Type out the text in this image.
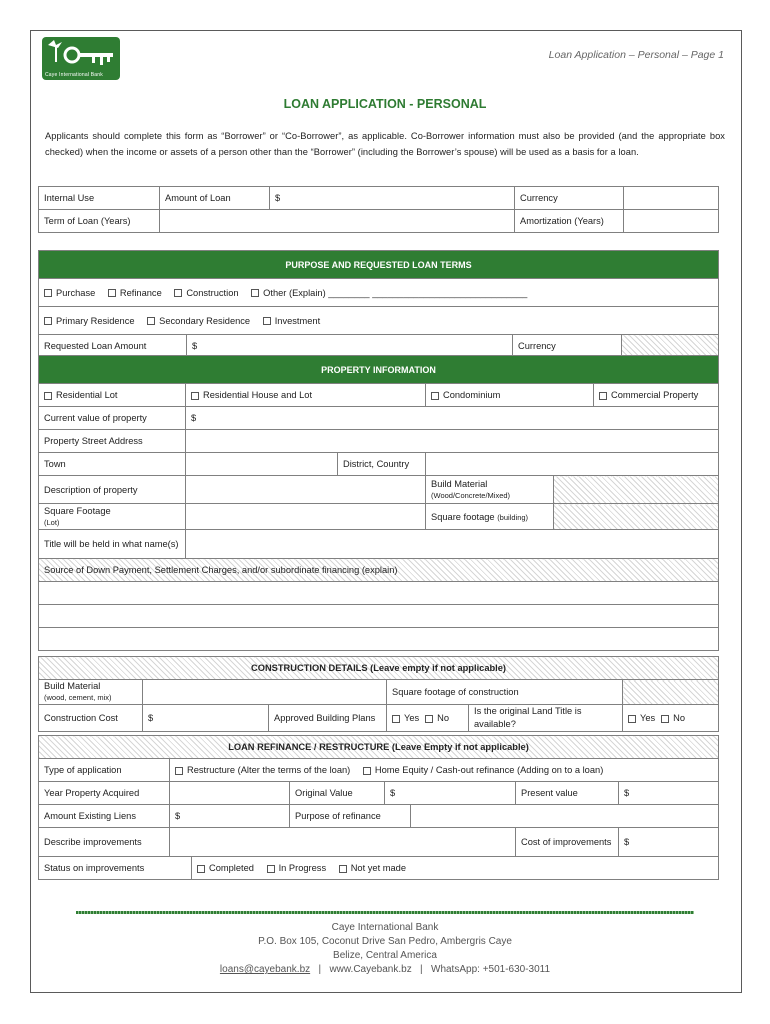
Caye International Bank
Loan Application – Personal – Page 1
LOAN APPLICATION - PERSONAL
Applicants should complete this form as “Borrower” or “Co-Borrower”, as applicable. Co-Borrower information must also be provided (and the appropriate box checked) when the income or assets of a person other than the “Borrower” (including the Borrower’s spouse) will be used as a basis for a loan.
Internal Use	Amount of Loan	$	Currency	
Term of Loan (Years)			Amortization (Years)	
PURPOSE AND REQUESTED LOAN TERMS
Purchase	Refinance	Construction	Other (Explain) ________ ______________________________
Primary Residence	Secondary Residence	Investment
Requested Loan Amount	$	Currency	
PROPERTY INFORMATION					
Residential Lot	Residential House and Lot		Condominium		Commercial Property
Current value of property	$				
Property Street Address					
Town		District, Country			
Description of property			Build Material
(Wood/Concrete/Mixed)		
Square Footage
(Lot)			Square footage (building)		
Title will be held in what name(s)					
Source of Down Payment, Settlement Charges, and/or subordinate financing (explain)					

CONSTRUCTION DETAILS (Leave empty if not applicable)					
Build Material
(wood, cement, mix)			Square footage of construction		
Construction Cost	$	Approved Building Plans	Yes No	Is the original Land Title is available?	Yes No
LOAN REFINANCE / RESTRUCTURE (Leave Empty if not applicable)							
Type of application	Restructure (Alter the terms of the loan) Home Equity / Cash-out refinance (Adding on to a loan)						
Year Property Acquired			Original Value	$		Present value	$
Amount Existing Liens	$		Purpose of refinance				
Describe improvements						Cost of improvements	$
Status on improvements		Completed In Progress Not yet made					
Caye International Bank
P.O. Box 105, Coconut Drive San Pedro, Ambergris Caye
Belize, Central America
loans@cayebank.bz | www.Cayebank.bz | WhatsApp: +501-630-3011
